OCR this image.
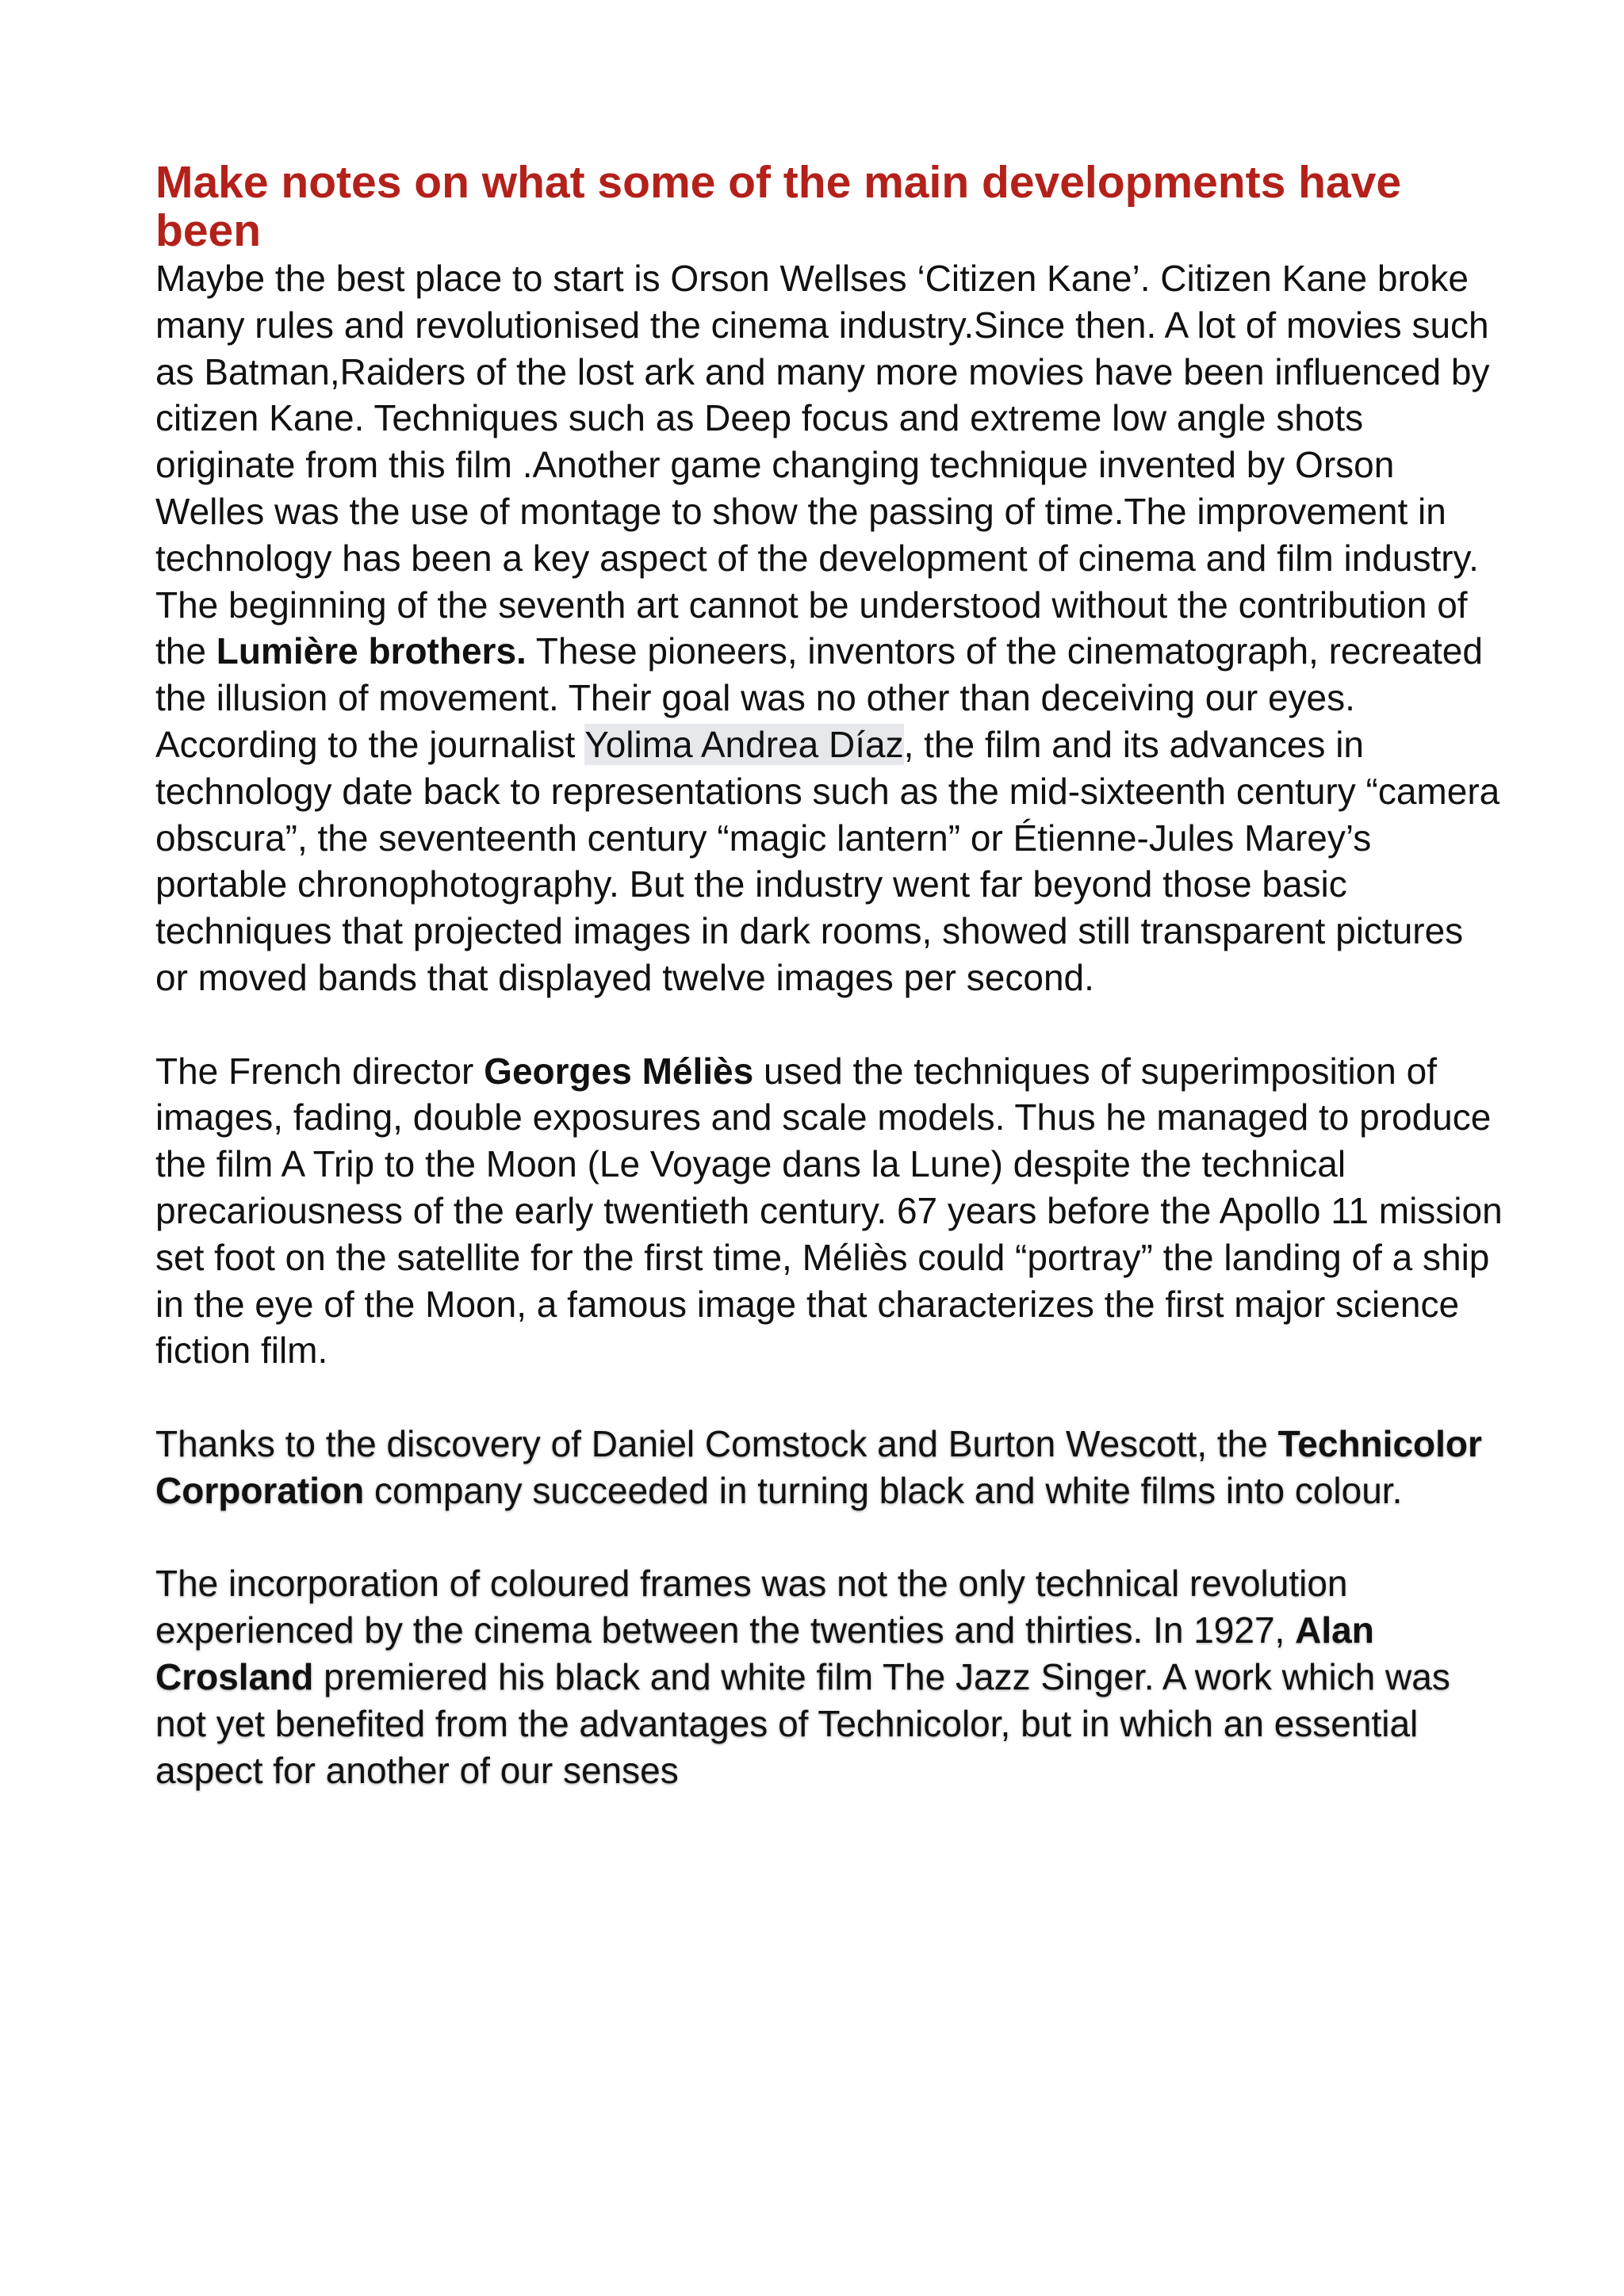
Make notes on what some of the main developments have been

Maybe the best place to start is Orson Wellses ‘Citizen Kane’. Citizen Kane broke many rules and revolutionised the cinema industry.Since then. A lot of movies such as Batman,Raiders of the lost ark and many more movies have been influenced by citizen Kane. Techniques such as Deep focus and extreme low angle shots originate from this film .Another game changing technique invented by Orson Welles was the use of montage to show the passing of time.The improvement in technology has been a key aspect of the development of cinema and film industry.

The beginning of the seventh art cannot be understood without the contribution of the Lumière brothers. These pioneers, inventors of the cinematograph, recreated the illusion of movement. Their goal was no other than deceiving our eyes. According to the journalist Yolima Andrea Díaz, the film and its advances in technology date back to representations such as the mid-sixteenth century “camera obscura”, the seventeenth century “magic lantern” or Étienne-Jules Marey’s portable chronophotography. But the industry went far beyond those basic techniques that projected images in dark rooms, showed still transparent pictures or moved bands that displayed twelve images per second.

The French director Georges Méliès used the techniques of superimposition of images, fading, double exposures and scale models. Thus he managed to produce the film A Trip to the Moon (Le Voyage dans la Lune) despite the technical precariousness of the early twentieth century. 67 years before the Apollo 11 mission set foot on the satellite for the first time, Méliès could “portray” the landing of a ship in the eye of the Moon, a famous image that characterizes the first major science fiction film.

Thanks to the discovery of Daniel Comstock and Burton Wescott, the Technicolor Corporation company succeeded in turning black and white films into colour.

The incorporation of coloured frames was not the only technical revolution experienced by the cinema between the twenties and thirties. In 1927, Alan Crosland premiered his black and white film The Jazz Singer. A work which was not yet benefited from the advantages of Technicolor, but in which an essential aspect for another of our senses
